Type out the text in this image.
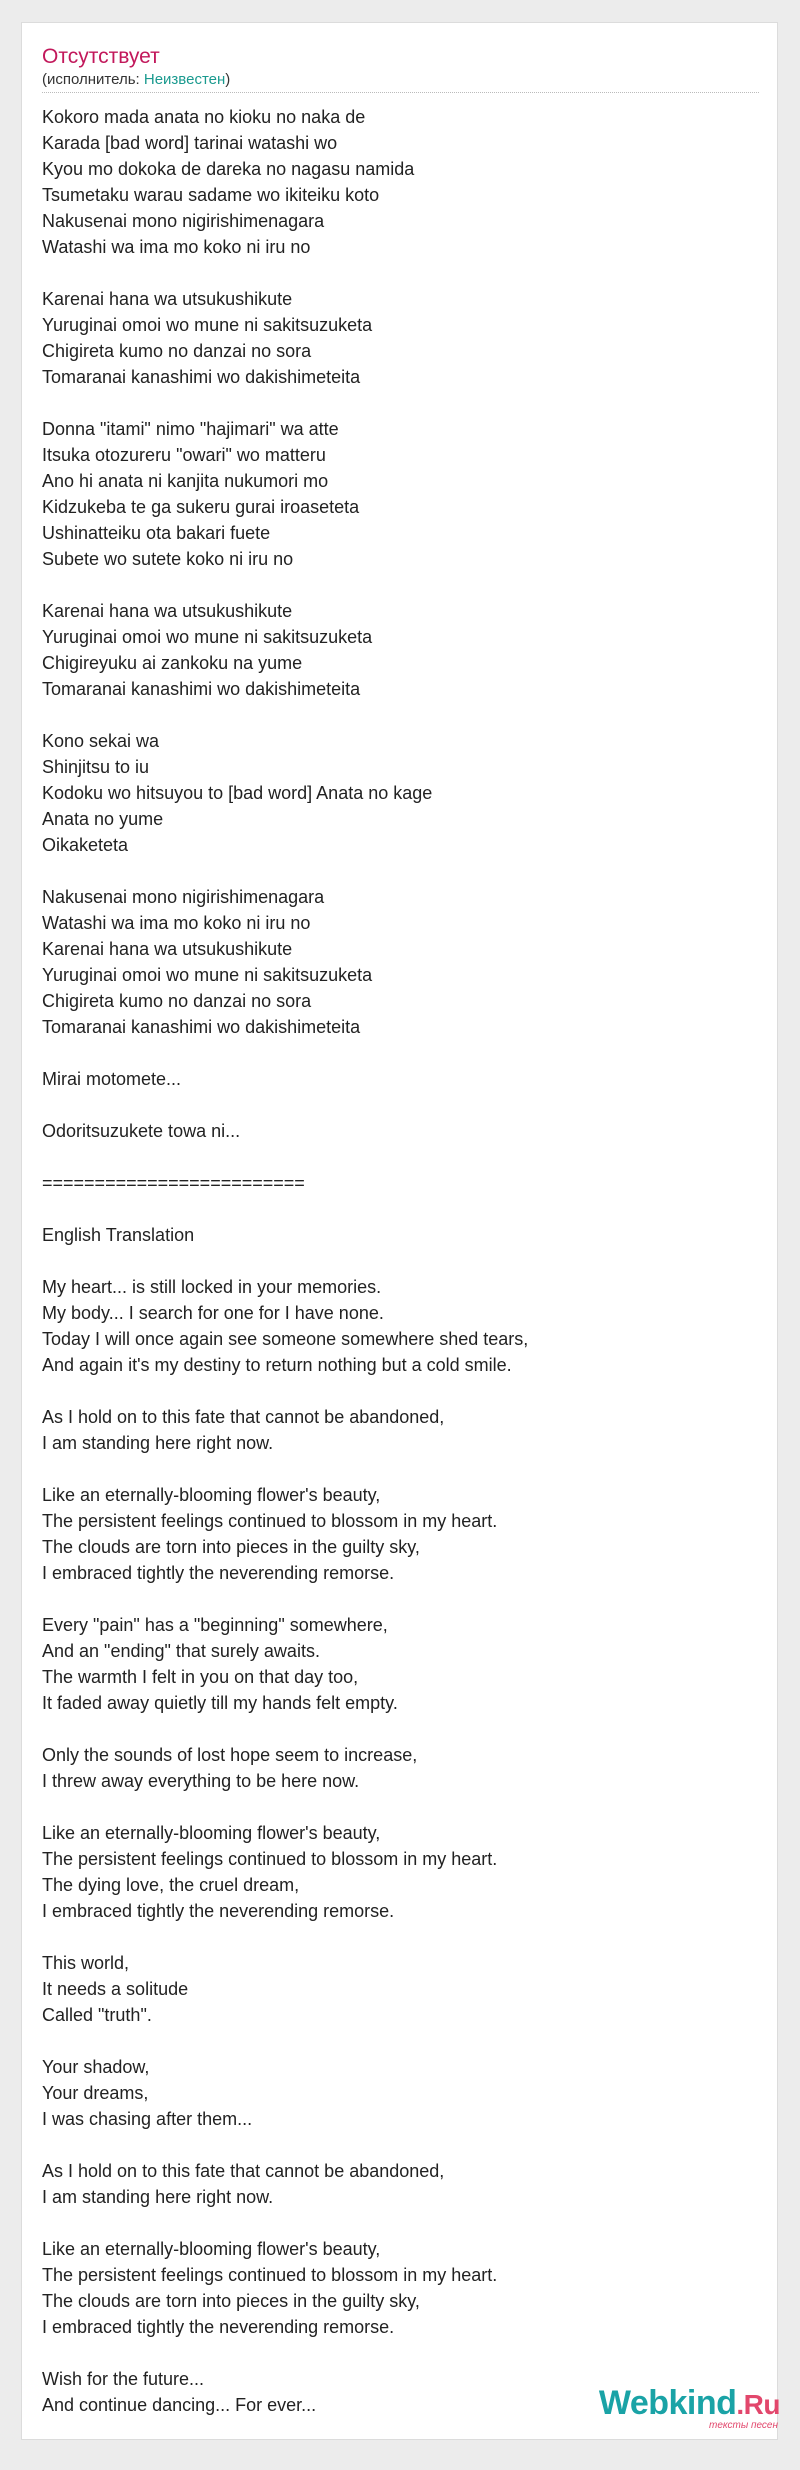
Отсутствует
(исполнитель: Неизвестен)
Kokoro mada anata no kioku no naka de
Karada [bad word] tarinai watashi wo
Kyou mo dokoka de dareka no nagasu namida
Tsumetaku warau sadame wo ikiteiku koto
Nakusenai mono nigirishimenagara
Watashi wa ima mo koko ni iru no
Karenai hana wa utsukushikute
Yuruginai omoi wo mune ni sakitsuzuketa
Chigireta kumo no danzai no sora
Tomaranai kanashimi wo dakishimeteita
Donna "itami" nimo "hajimari" wa atte
Itsuka otozureru "owari" wo matteru
Ano hi anata ni kanjita nukumori mo
Kidzukeba te ga sukeru gurai iroaseteta
Ushinatteiku ota bakari fuete
Subete wo sutete koko ni iru no
Karenai hana wa utsukushikute
Yuruginai omoi wo mune ni sakitsuzuketa
Chigireyuku ai zankoku na yume
Tomaranai kanashimi wo dakishimeteita
Kono sekai wa
Shinjitsu to iu
Kodoku wo hitsuyou to [bad word] Anata no kage
Anata no yume
Oikaketeta
Nakusenai mono nigirishimenagara
Watashi wa ima mo koko ni iru no
Karenai hana wa utsukushikute
Yuruginai omoi wo mune ni sakitsuzuketa
Chigireta kumo no danzai no sora
Tomaranai kanashimi wo dakishimeteita
Mirai motomete...
Odoritsuzukete towa ni...
=========================
English Translation
My heart... is still locked in your memories.
My body... I search for one for I have none.
Today I will once again see someone somewhere shed tears,
And again it's my destiny to return nothing but a cold smile.
As I hold on to this fate that cannot be abandoned,
I am standing here right now.
Like an eternally-blooming flower's beauty,
The persistent feelings continued to blossom in my heart.
The clouds are torn into pieces in the guilty sky,
I embraced tightly the neverending remorse.
Every "pain" has a "beginning" somewhere,
And an "ending" that surely awaits.
The warmth I felt in you on that day too,
It faded away quietly till my hands felt empty.
Only the sounds of lost hope seem to increase,
I threw away everything to be here now.
Like an eternally-blooming flower's beauty,
The persistent feelings continued to blossom in my heart.
The dying love, the cruel dream,
I embraced tightly the neverending remorse.
This world,
It needs a solitude
Called "truth".
Your shadow,
Your dreams,
I was chasing after them...
As I hold on to this fate that cannot be abandoned,
I am standing here right now.
Like an eternally-blooming flower's beauty,
The persistent feelings continued to blossom in my heart.
The clouds are torn into pieces in the guilty sky,
I embraced tightly the neverending remorse.
Wish for the future...
And continue dancing... For ever...	Webkind.Ru
тексты песен
